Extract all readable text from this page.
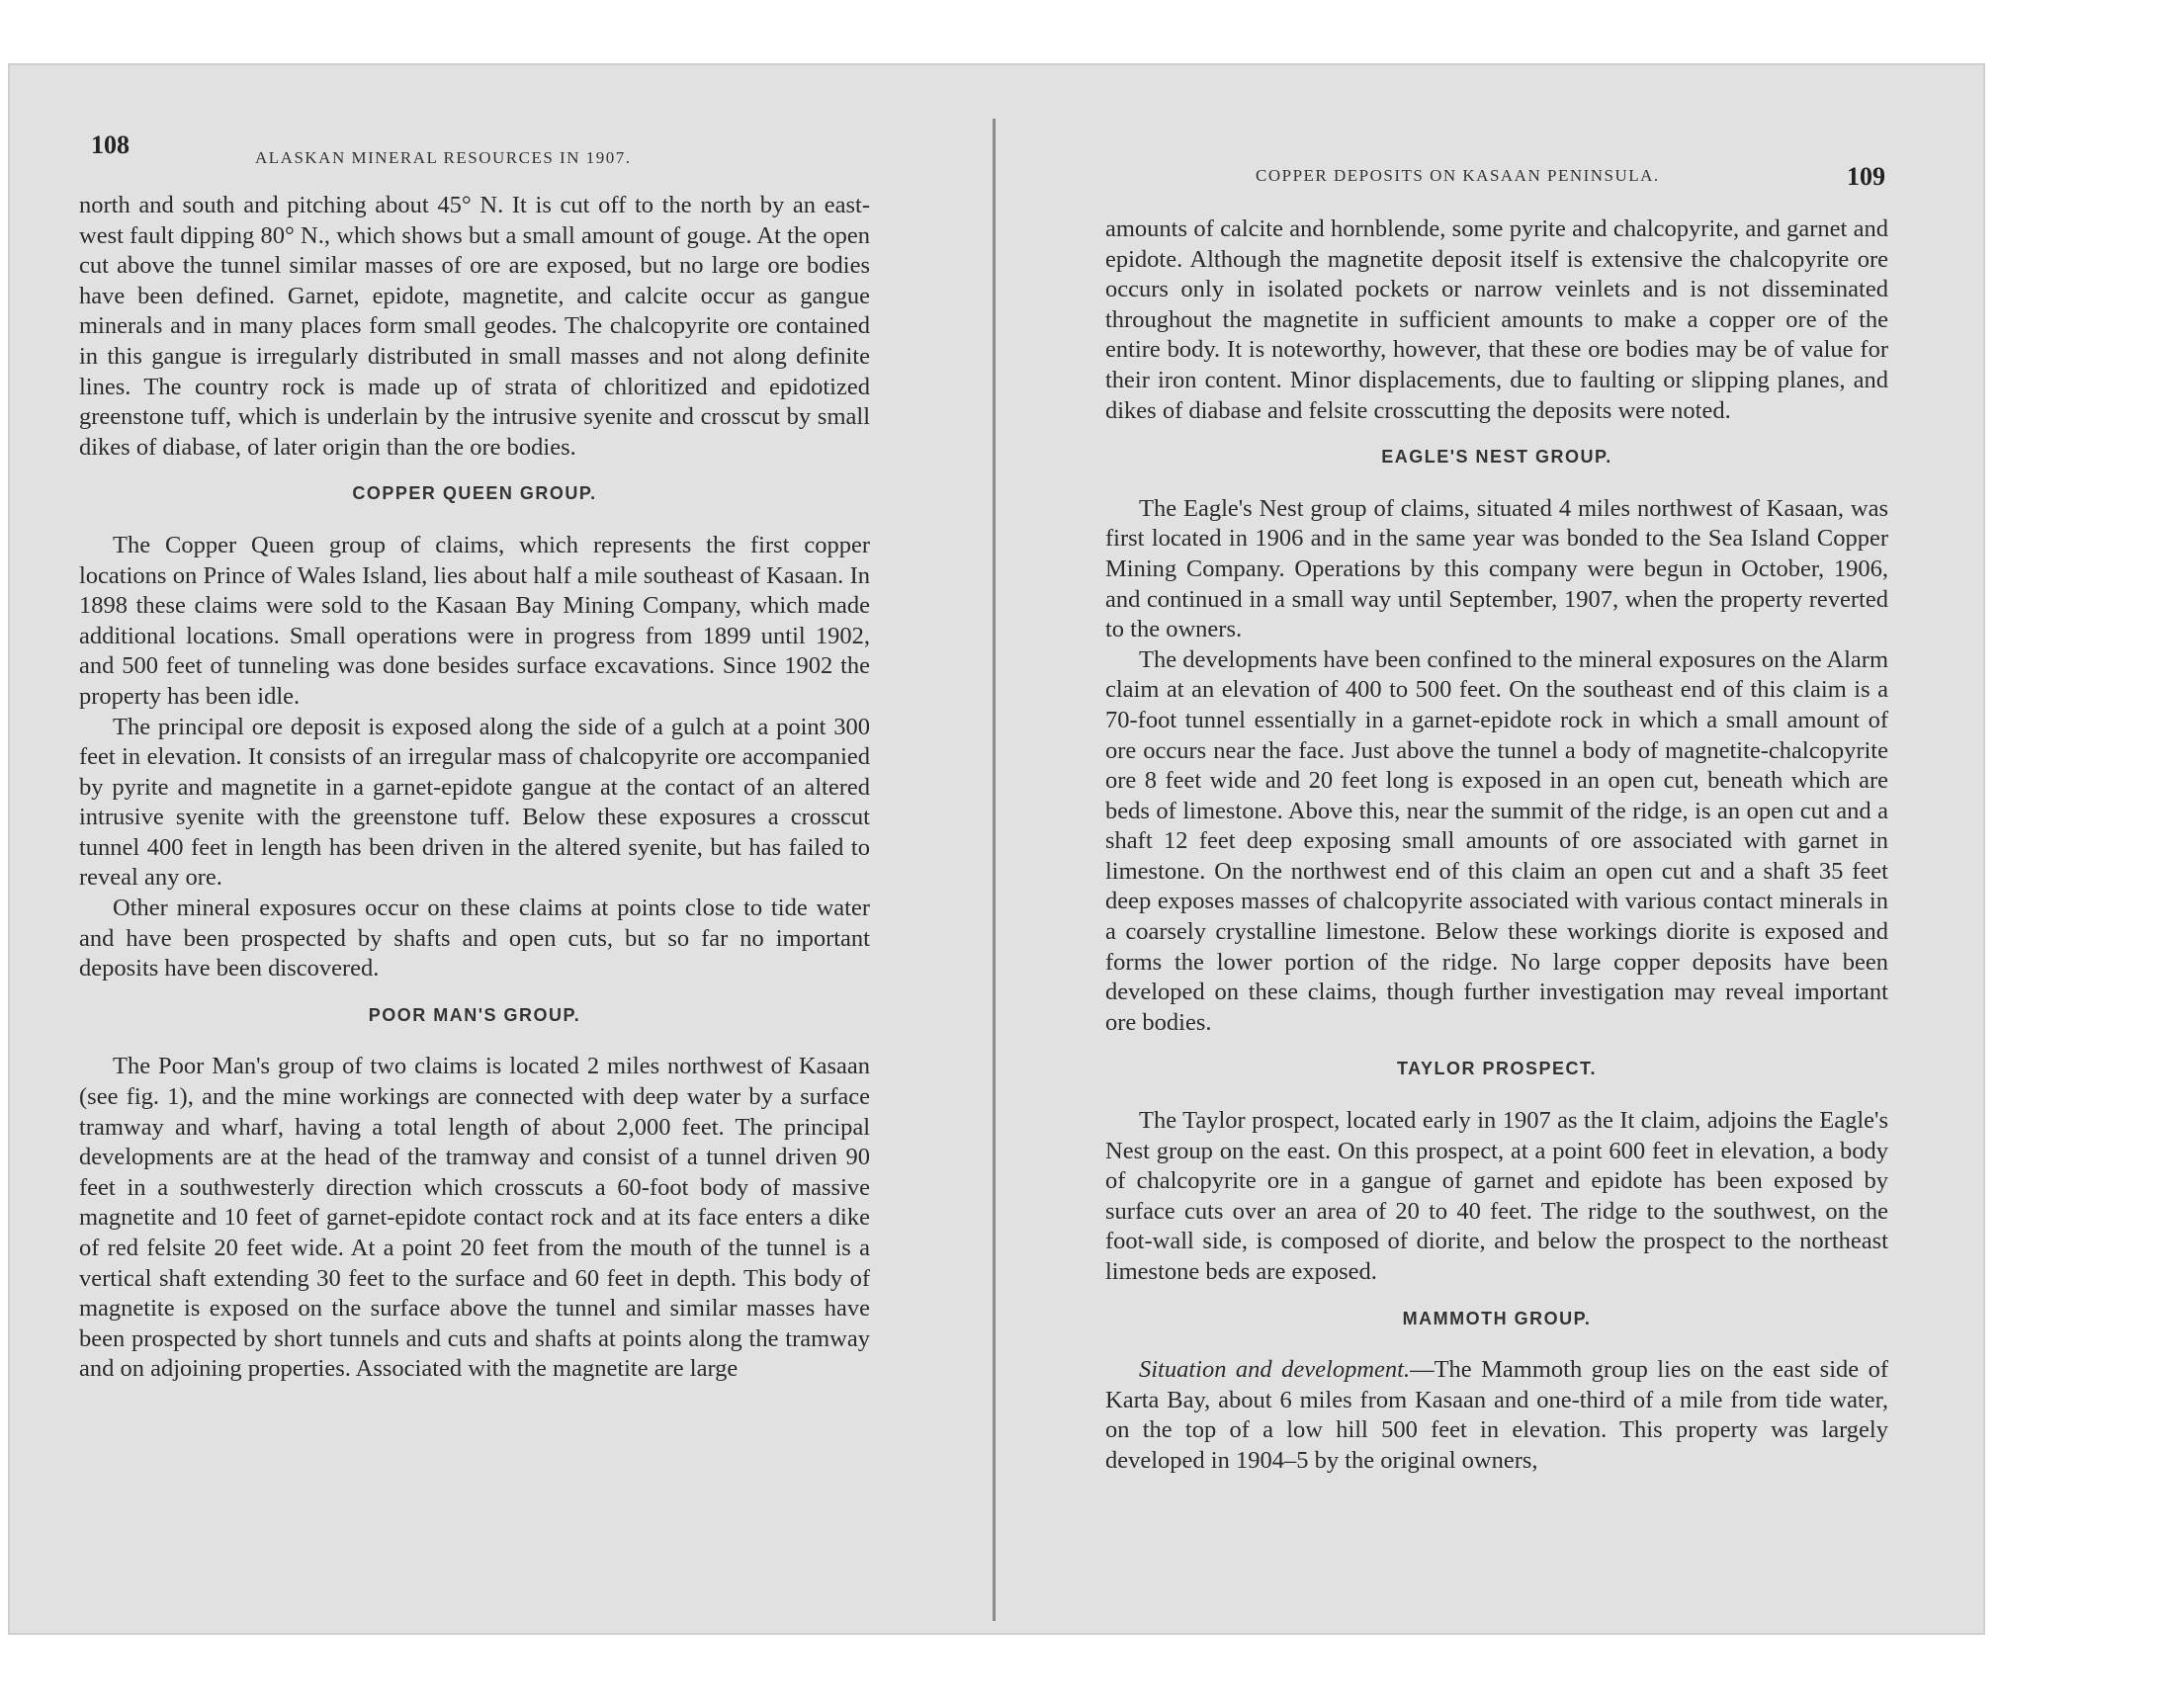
108	ALASKAN MINERAL RESOURCES IN 1907.

north and south and pitching about 45° N. It is cut off to the north by an east-west fault dipping 80° N., which shows but a small amount of gouge. At the open cut above the tunnel similar masses of ore are exposed, but no large ore bodies have been defined. Garnet, epidote, magnetite, and calcite occur as gangue minerals and in many places form small geodes. The chalcopyrite ore contained in this gangue is irregularly distributed in small masses and not along definite lines. The country rock is made up of strata of chloritized and epidotized greenstone tuff, which is underlain by the intrusive syenite and crosscut by small dikes of diabase, of later origin than the ore bodies.

COPPER QUEEN GROUP.

The Copper Queen group of claims, which represents the first copper locations on Prince of Wales Island, lies about half a mile southeast of Kasaan. In 1898 these claims were sold to the Kasaan Bay Mining Company, which made additional locations. Small operations were in progress from 1899 until 1902, and 500 feet of tunneling was done besides surface excavations. Since 1902 the property has been idle.

The principal ore deposit is exposed along the side of a gulch at a point 300 feet in elevation. It consists of an irregular mass of chalcopyrite ore accompanied by pyrite and magnetite in a garnet-epidote gangue at the contact of an altered intrusive syenite with the greenstone tuff. Below these exposures a crosscut tunnel 400 feet in length has been driven in the altered syenite, but has failed to reveal any ore.

Other mineral exposures occur on these claims at points close to tide water and have been prospected by shafts and open cuts, but so far no important deposits have been discovered.

POOR MAN'S GROUP.

The Poor Man's group of two claims is located 2 miles northwest of Kasaan (see fig. 1), and the mine workings are connected with deep water by a surface tramway and wharf, having a total length of about 2,000 feet. The principal developments are at the head of the tramway and consist of a tunnel driven 90 feet in a southwesterly direction which crosscuts a 60-foot body of massive magnetite and 10 feet of garnet-epidote contact rock and at its face enters a dike of red felsite 20 feet wide. At a point 20 feet from the mouth of the tunnel is a vertical shaft extending 30 feet to the surface and 60 feet in depth. This body of magnetite is exposed on the surface above the tunnel and similar masses have been prospected by short tunnels and cuts and shafts at points along the tramway and on adjoining properties. Associated with the magnetite are large

COPPER DEPOSITS ON KASAAN PENINSULA.	109

amounts of calcite and hornblende, some pyrite and chalcopyrite, and garnet and epidote. Although the magnetite deposit itself is extensive the chalcopyrite ore occurs only in isolated pockets or narrow veinlets and is not disseminated throughout the magnetite in sufficient amounts to make a copper ore of the entire body. It is noteworthy, however, that these ore bodies may be of value for their iron content. Minor displacements, due to faulting or slipping planes, and dikes of diabase and felsite crosscutting the deposits were noted.

EAGLE'S NEST GROUP.

The Eagle's Nest group of claims, situated 4 miles northwest of Kasaan, was first located in 1906 and in the same year was bonded to the Sea Island Copper Mining Company. Operations by this company were begun in October, 1906, and continued in a small way until September, 1907, when the property reverted to the owners.

The developments have been confined to the mineral exposures on the Alarm claim at an elevation of 400 to 500 feet. On the southeast end of this claim is a 70-foot tunnel essentially in a garnet-epidote rock in which a small amount of ore occurs near the face. Just above the tunnel a body of magnetite-chalcopyrite ore 8 feet wide and 20 feet long is exposed in an open cut, beneath which are beds of limestone. Above this, near the summit of the ridge, is an open cut and a shaft 12 feet deep exposing small amounts of ore associated with garnet in limestone. On the northwest end of this claim an open cut and a shaft 35 feet deep exposes masses of chalcopyrite associated with various contact minerals in a coarsely crystalline limestone. Below these workings diorite is exposed and forms the lower portion of the ridge. No large copper deposits have been developed on these claims, though further investigation may reveal important ore bodies.

TAYLOR PROSPECT.

The Taylor prospect, located early in 1907 as the It claim, adjoins the Eagle's Nest group on the east. On this prospect, at a point 600 feet in elevation, a body of chalcopyrite ore in a gangue of garnet and epidote has been exposed by surface cuts over an area of 20 to 40 feet. The ridge to the southwest, on the foot-wall side, is composed of diorite, and below the prospect to the northeast limestone beds are exposed.

MAMMOTH GROUP.

Situation and development.—The Mammoth group lies on the east side of Karta Bay, about 6 miles from Kasaan and one-third of a mile from tide water, on the top of a low hill 500 feet in elevation. This property was largely developed in 1904–5 by the original owners,
